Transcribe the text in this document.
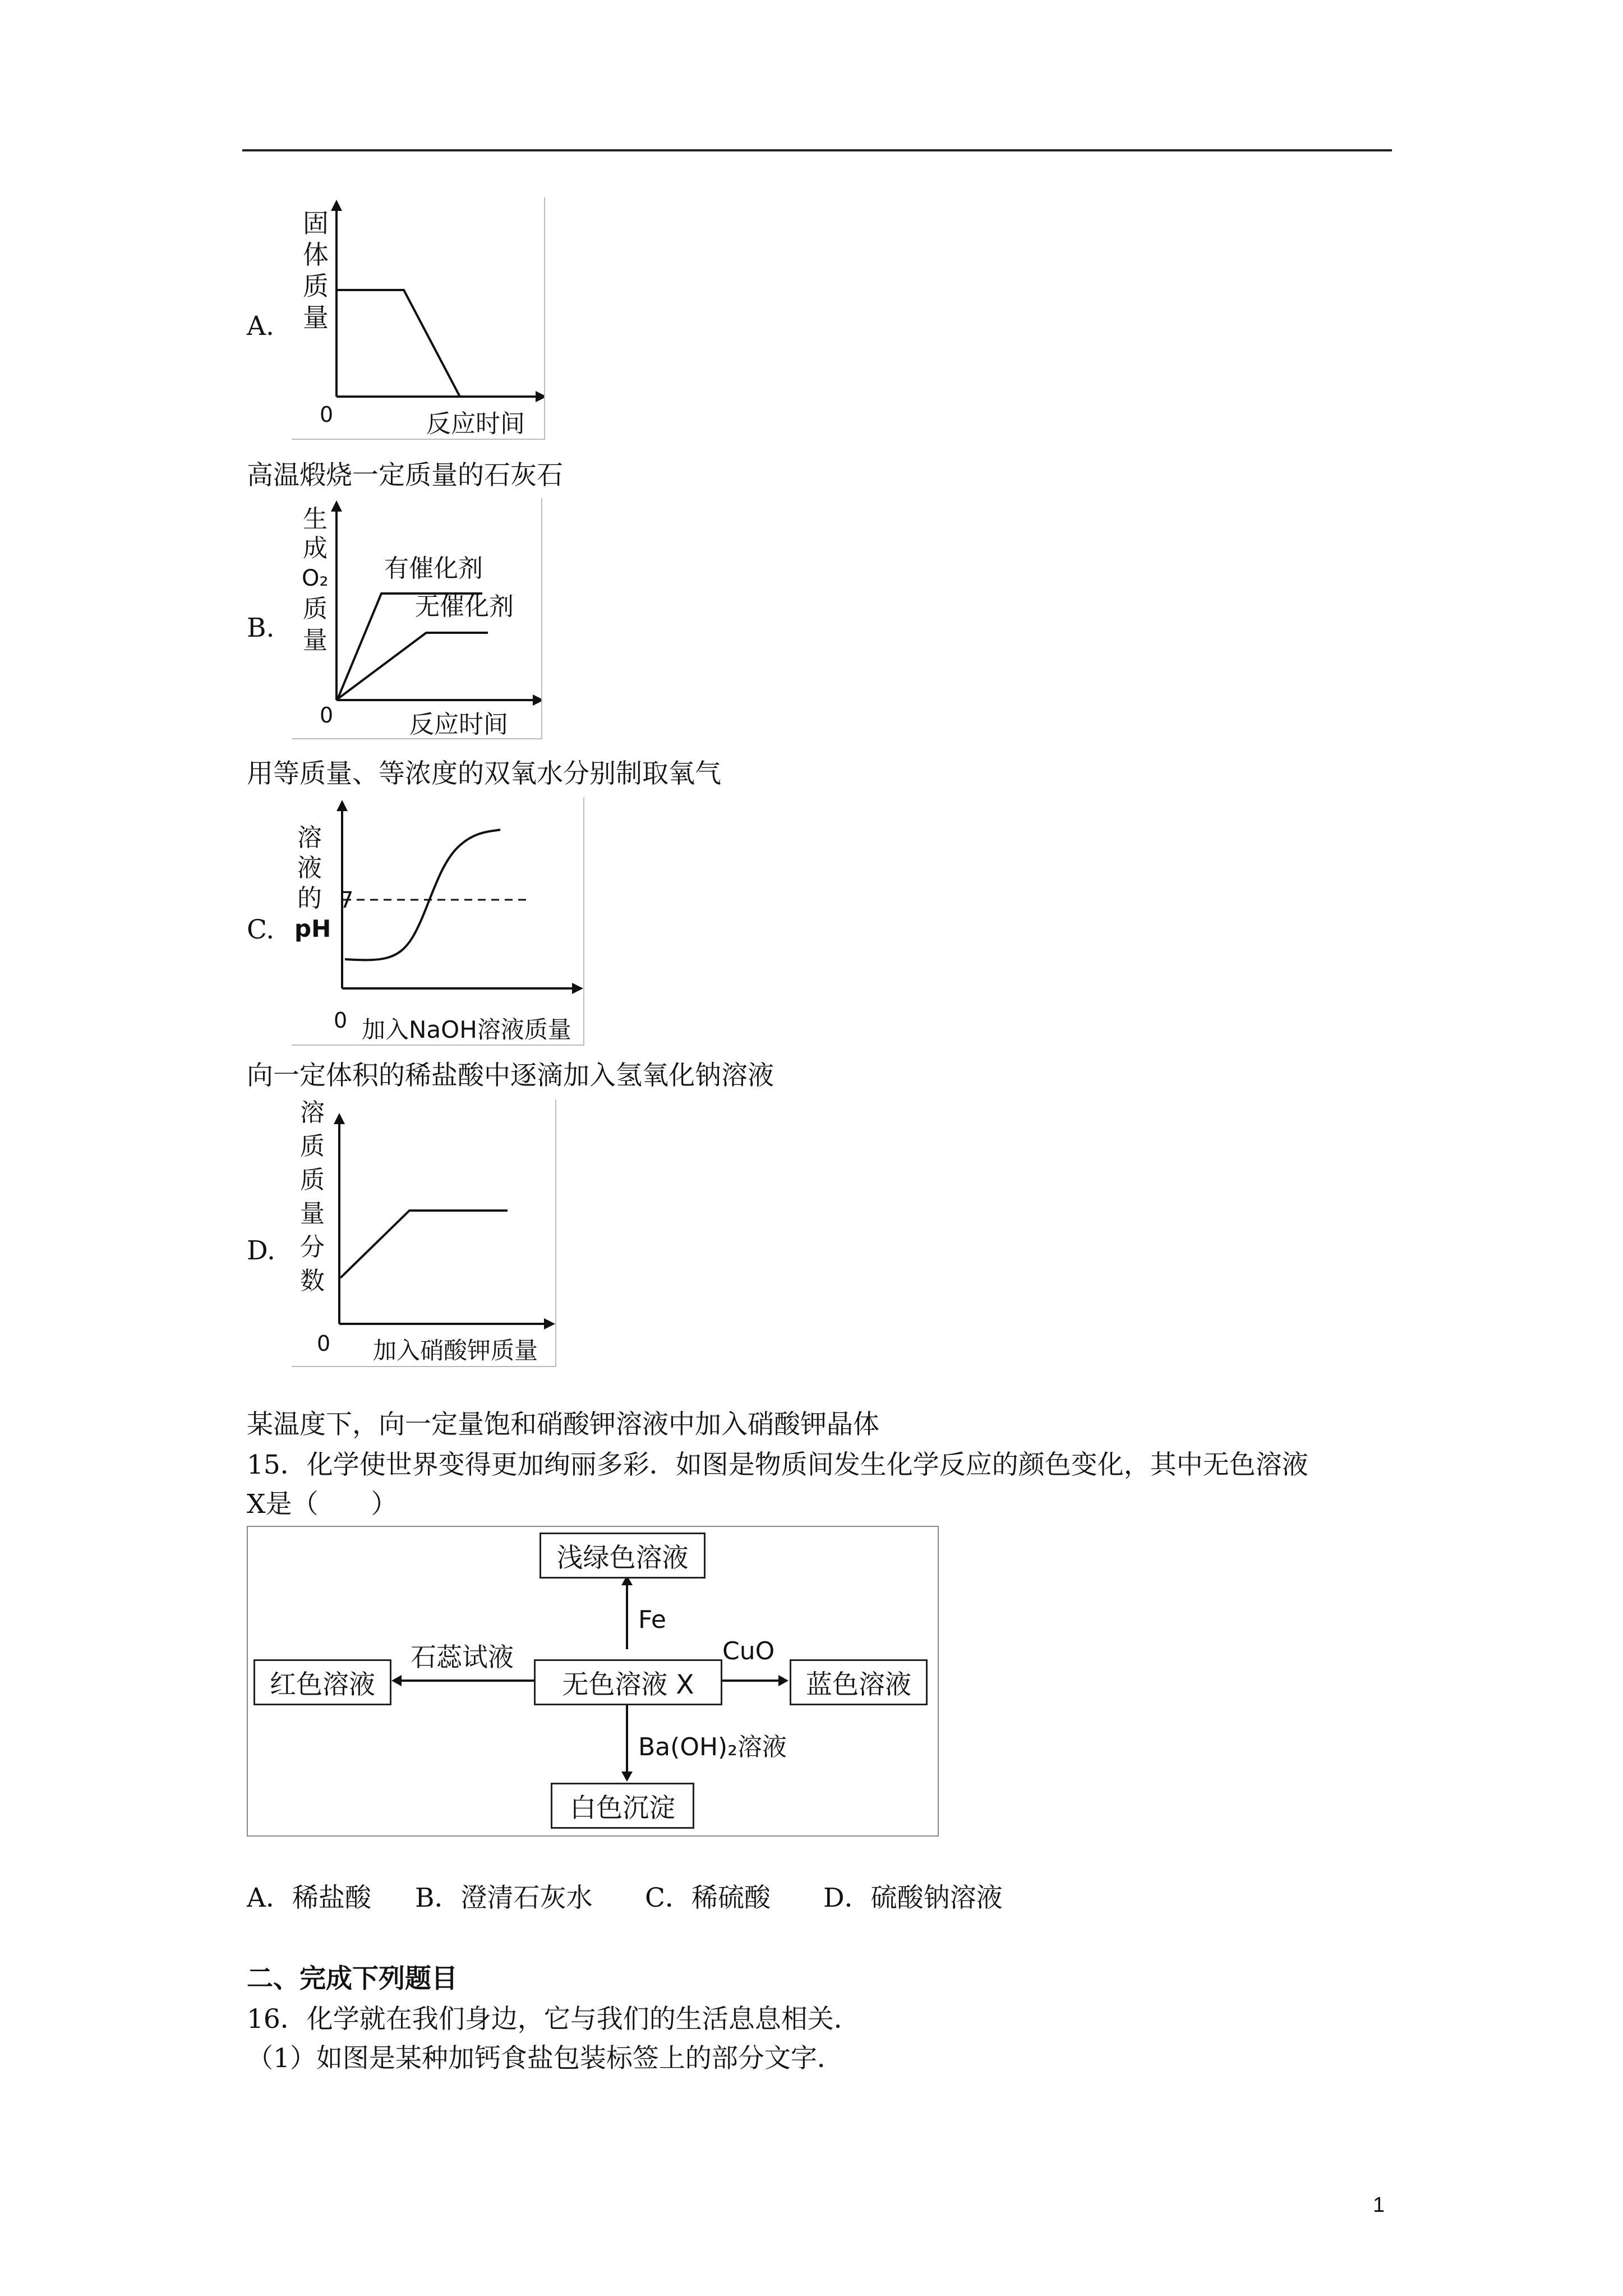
A.
固
体
质
量
0	反应时间
高温煅烧一定质量的石灰石
B.
有催化剂
无催化剂
生
成
O₂
质
量
0	反应时间
用等质量、等浓度的双氧水分别制取氧气
C.
7
溶
液
的
pH
0 加入NaOH溶液质量
向一定体积的稀盐酸中逐滴加入氢氧化钠溶液
D.
溶
质
质
量
分
数
0 加入硝酸钾质量
某温度下，向一定量饱和硝酸钾溶液中加入硝酸钾晶体
15．化学使世界变得更加绚丽多彩．如图是物质间发生化学反应的颜色变化，其中无色溶液
X是（　　）
无色溶液 X
浅绿色溶液
红色溶液	蓝色溶液
白色沉淀
Fe
石蕊试液	CuO
Ba(OH)₂溶液
A．稀盐酸 B．澄清石灰水 C．稀硫酸 D．硫酸钠溶液
二、完成下列题目
16．化学就在我们身边，它与我们的生活息息相关．
（1）如图是某种加钙食盐包装标签上的部分文字．
1
